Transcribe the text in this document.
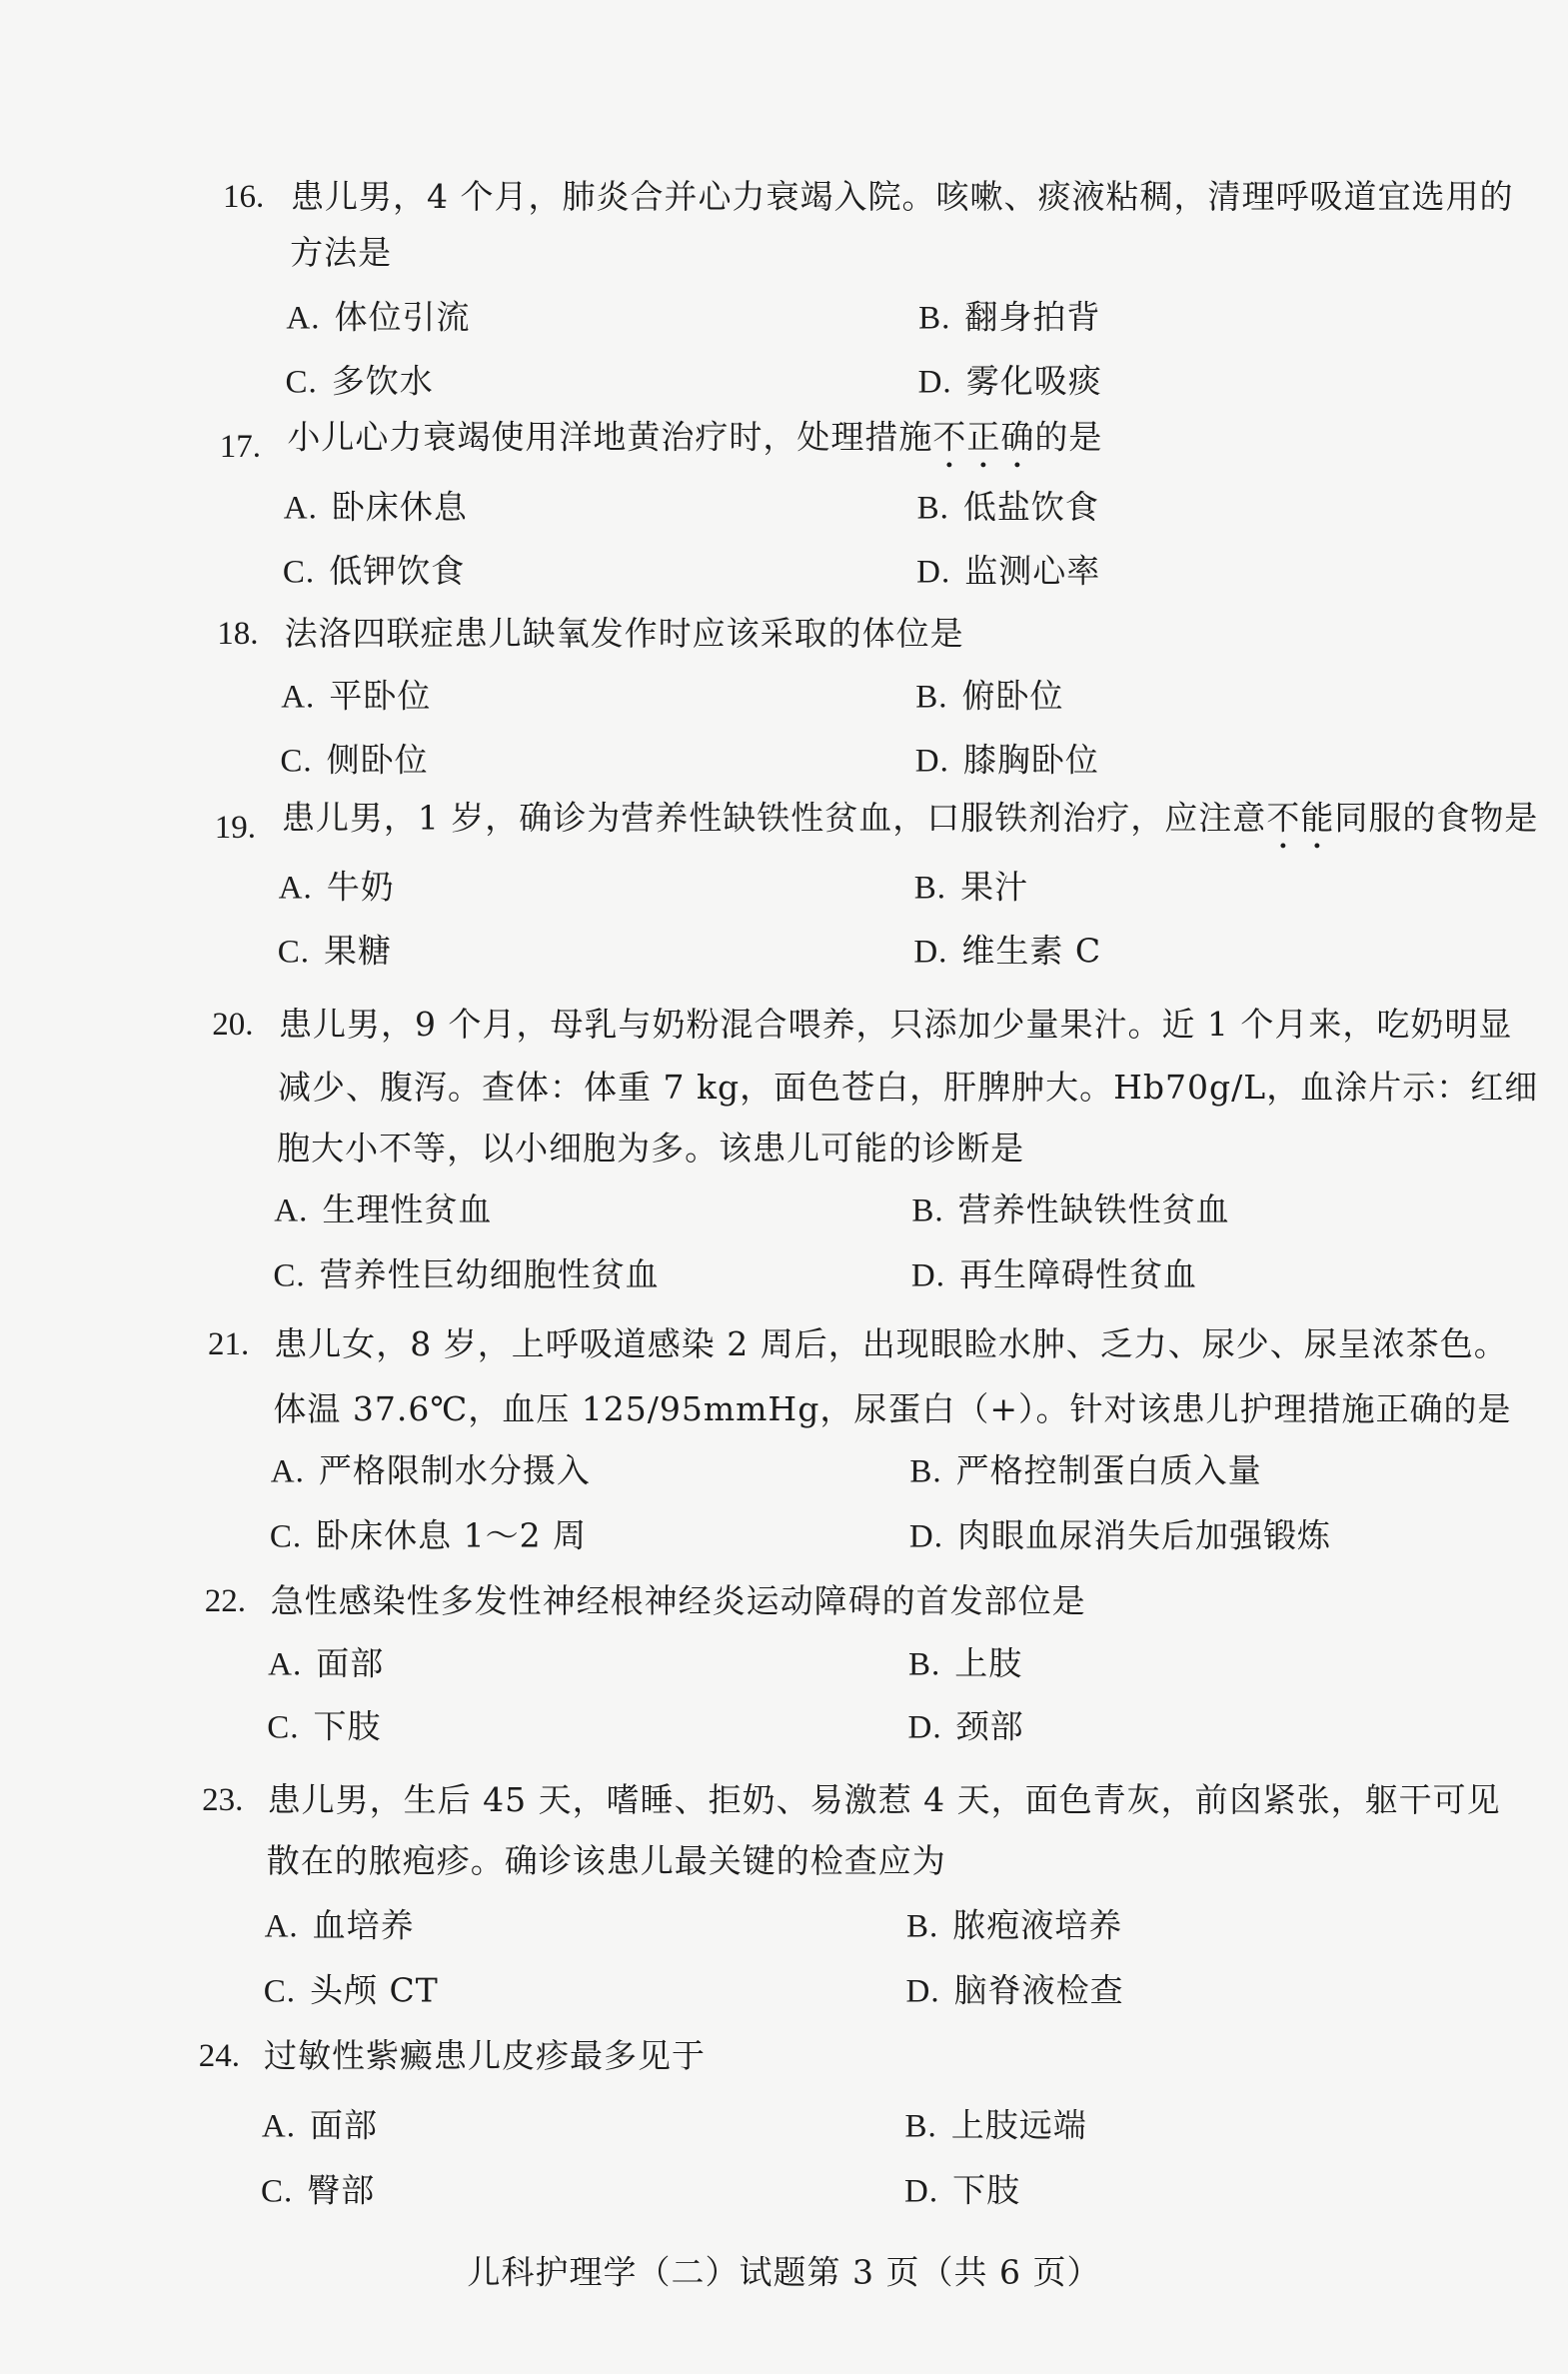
16. 患儿男，4 个月，肺炎合并心力衰竭入院。咳嗽、痰液粘稠，清理呼吸道宜选用的
方法是
A. 体位引流	B. 翻身拍背
C. 多饮水	D. 雾化吸痰
17. 小儿心力衰竭使用洋地黄治疗时，处理措施不正确的是
A. 卧床休息	B. 低盐饮食
C. 低钾饮食	D. 监测心率
18. 法洛四联症患儿缺氧发作时应该采取的体位是
A. 平卧位	B. 俯卧位
C. 侧卧位	D. 膝胸卧位
19. 患儿男，1 岁，确诊为营养性缺铁性贫血，口服铁剂治疗，应注意不能同服的食物是
A. 牛奶	B. 果汁
C. 果糖	D. 维生素 C
20. 患儿男，9 个月，母乳与奶粉混合喂养，只添加少量果汁。近 1 个月来，吃奶明显
减少、腹泻。查体：体重 7 kg，面色苍白，肝脾肿大。Hb70g/L，血涂片示：红细
胞大小不等，以小细胞为多。该患儿可能的诊断是
A. 生理性贫血	B. 营养性缺铁性贫血
C. 营养性巨幼细胞性贫血	D. 再生障碍性贫血
21. 患儿女，8 岁，上呼吸道感染 2 周后，出现眼睑水肿、乏力、尿少、尿呈浓茶色。
体温 37.6℃，血压 125/95mmHg，尿蛋白（+）。针对该患儿护理措施正确的是
A. 严格限制水分摄入	B. 严格控制蛋白质入量
C. 卧床休息 1～2 周	D. 肉眼血尿消失后加强锻炼
22. 急性感染性多发性神经根神经炎运动障碍的首发部位是
A. 面部	B. 上肢
C. 下肢	D. 颈部
23. 患儿男，生后 45 天，嗜睡、拒奶、易激惹 4 天，面色青灰，前囟紧张，躯干可见
散在的脓疱疹。确诊该患儿最关键的检查应为
A. 血培养	B. 脓疱液培养
C. 头颅 CT	D. 脑脊液检查
24. 过敏性紫癜患儿皮疹最多见于
A. 面部	B. 上肢远端
C. 臀部	D. 下肢
儿科护理学（二）试题第 3 页（共 6 页）
